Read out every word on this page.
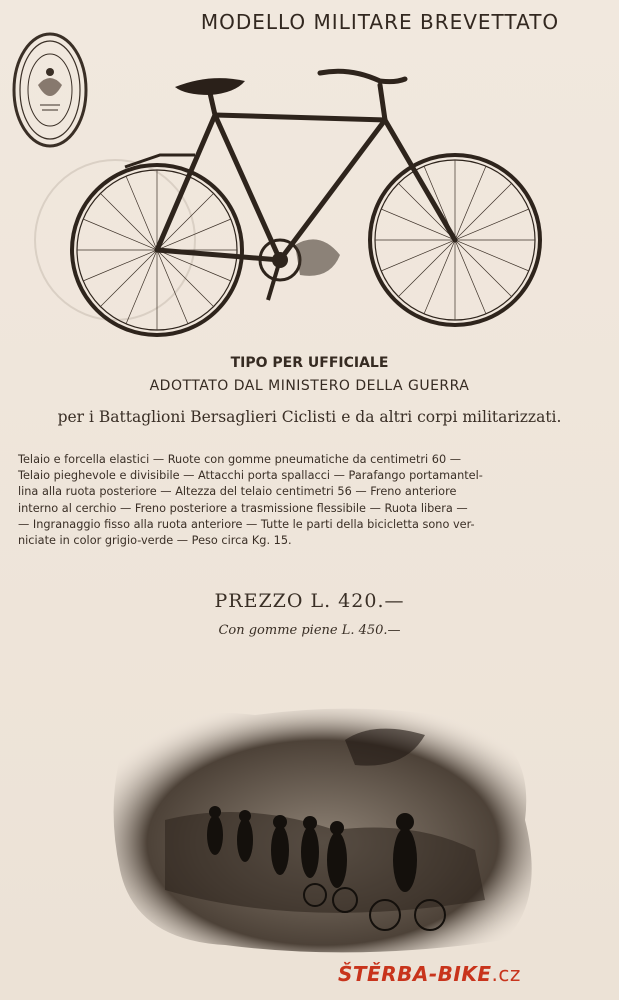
MODELLO MILITARE BREVETTATO
TIPO PER UFFICIALE
ADOTTATO DAL MINISTERO DELLA GUERRA
per i Battaglioni Bersaglieri Ciclisti e da altri corpi militarizzati.
Telaio e forcella elastici — Ruote con gomme pneumatiche da centimetri 60 —
Telaio pieghevole e divisibile — Attacchi porta spallacci — Parafango portamantel-
lina alla ruota posteriore — Altezza del telaio centimetri 56 — Freno anteriore
interno al cerchio — Freno posteriore a trasmissione flessibile — Ruota libera —
— Ingranaggio fisso alla ruota anteriore — Tutte le parti della bicicletta sono ver-
niciate in color grigio-verde — Peso circa Kg. 15.
PREZZO L. 420.—
Con gomme piene L. 450.—
ŠTĚRBA-BIKE.cz
